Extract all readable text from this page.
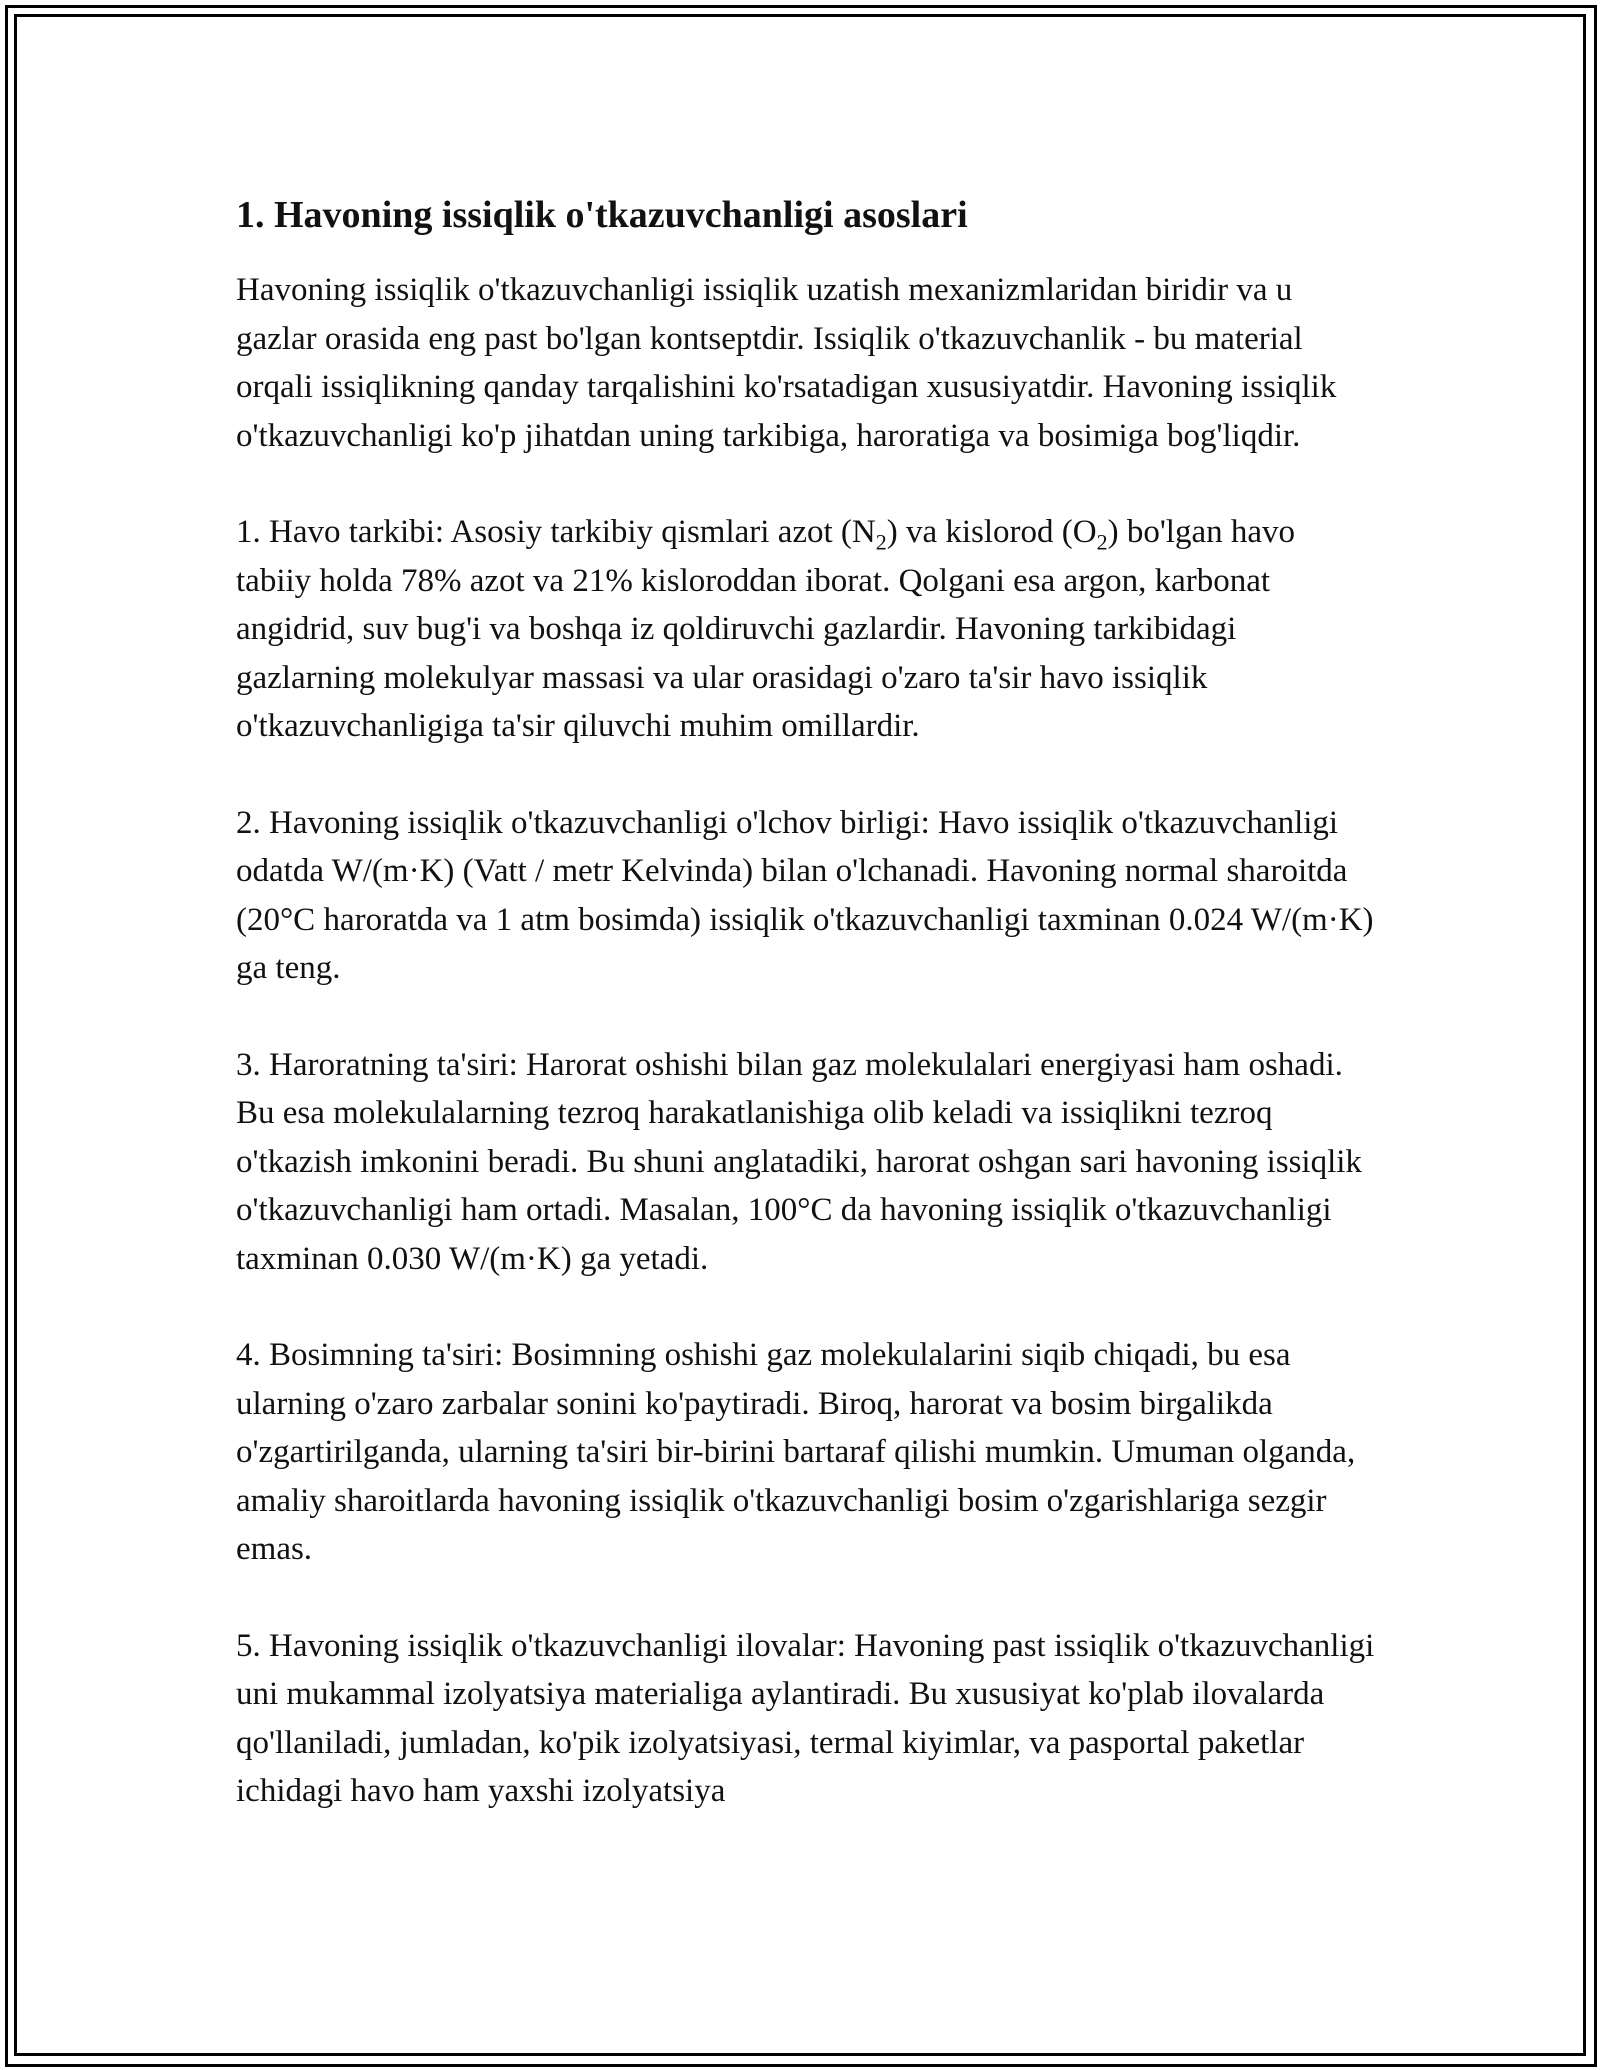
1. Havoning issiqlik o'tkazuvchanligi asoslari

Havoning issiqlik o'tkazuvchanligi issiqlik uzatish mexanizmlaridan biridir va u gazlar orasida eng past bo'lgan kontseptdir. Issiqlik o'tkazuvchanlik - bu material orqali issiqlikning qanday tarqalishini ko'rsatadigan xususiyatdir. Havoning issiqlik o'tkazuvchanligi ko'p jihatdan uning tarkibiga, haroratiga va bosimiga bog'liqdir.

1. Havo tarkibi: Asosiy tarkibiy qismlari azot $(N_2)$ va kislorod $(O_2)$ bo'lgan havo tabiiy holda 78% azot va 21% kisloroddan iborat. Qolgani esa argon, karbonat angidrid, suv bug'i va boshqa iz qoldiruvchi gazlardir. Havoning tarkibidagi gazlarning molekulyar massasi va ular orasidagi o'zaro ta'sir havo issiqlik o'tkazuvchanligiga ta'sir qiluvchi muhim omillardir.

2. Havoning issiqlik o'tkazuvchanligi o'lchov birligi: Havo issiqlik o'tkazuvchanligi odatda W/(m·K) (Vatt / metr Kelvinda) bilan o'lchanadi. Havoning normal sharoitda (20°C haroratda va 1 atm bosimda) issiqlik o'tkazuvchanligi taxminan 0.024 W/(m·K) ga teng.

3. Haroratning ta'siri: Harorat oshishi bilan gaz molekulalari energiyasi ham oshadi. Bu esa molekulalarning tezroq harakatlanishiga olib keladi va issiqlikni tezroq o'tkazish imkonini beradi. Bu shuni anglatadiki, harorat oshgan sari havoning issiqlik o'tkazuvchanligi ham ortadi. Masalan, 100°C da havoning issiqlik o'tkazuvchanligi taxminan 0.030 W/(m·K) ga yetadi.

4. Bosimning ta'siri: Bosimning oshishi gaz molekulalarini siqib chiqadi, bu esa ularning o'zaro zarbalar sonini ko'paytiradi. Biroq, harorat va bosim birgalikda o'zgartirilganda, ularning ta'siri bir-birini bartaraf qilishi mumkin. Umuman olganda, amaliy sharoitlarda havoning issiqlik o'tkazuvchanligi bosim o'zgarishlariga sezgir emas.

5. Havoning issiqlik o'tkazuvchanligi ilovalar: Havoning past issiqlik o'tkazuvchanligi uni mukammal izolyatsiya materialiga aylantiradi. Bu xususiyat ko'plab ilovalarda qo'llaniladi, jumladan, ko'pik izolyatsiyasi, termal kiyimlar, va pasportal paketlar ichidagi havo ham yaxshi izolyatsiya
